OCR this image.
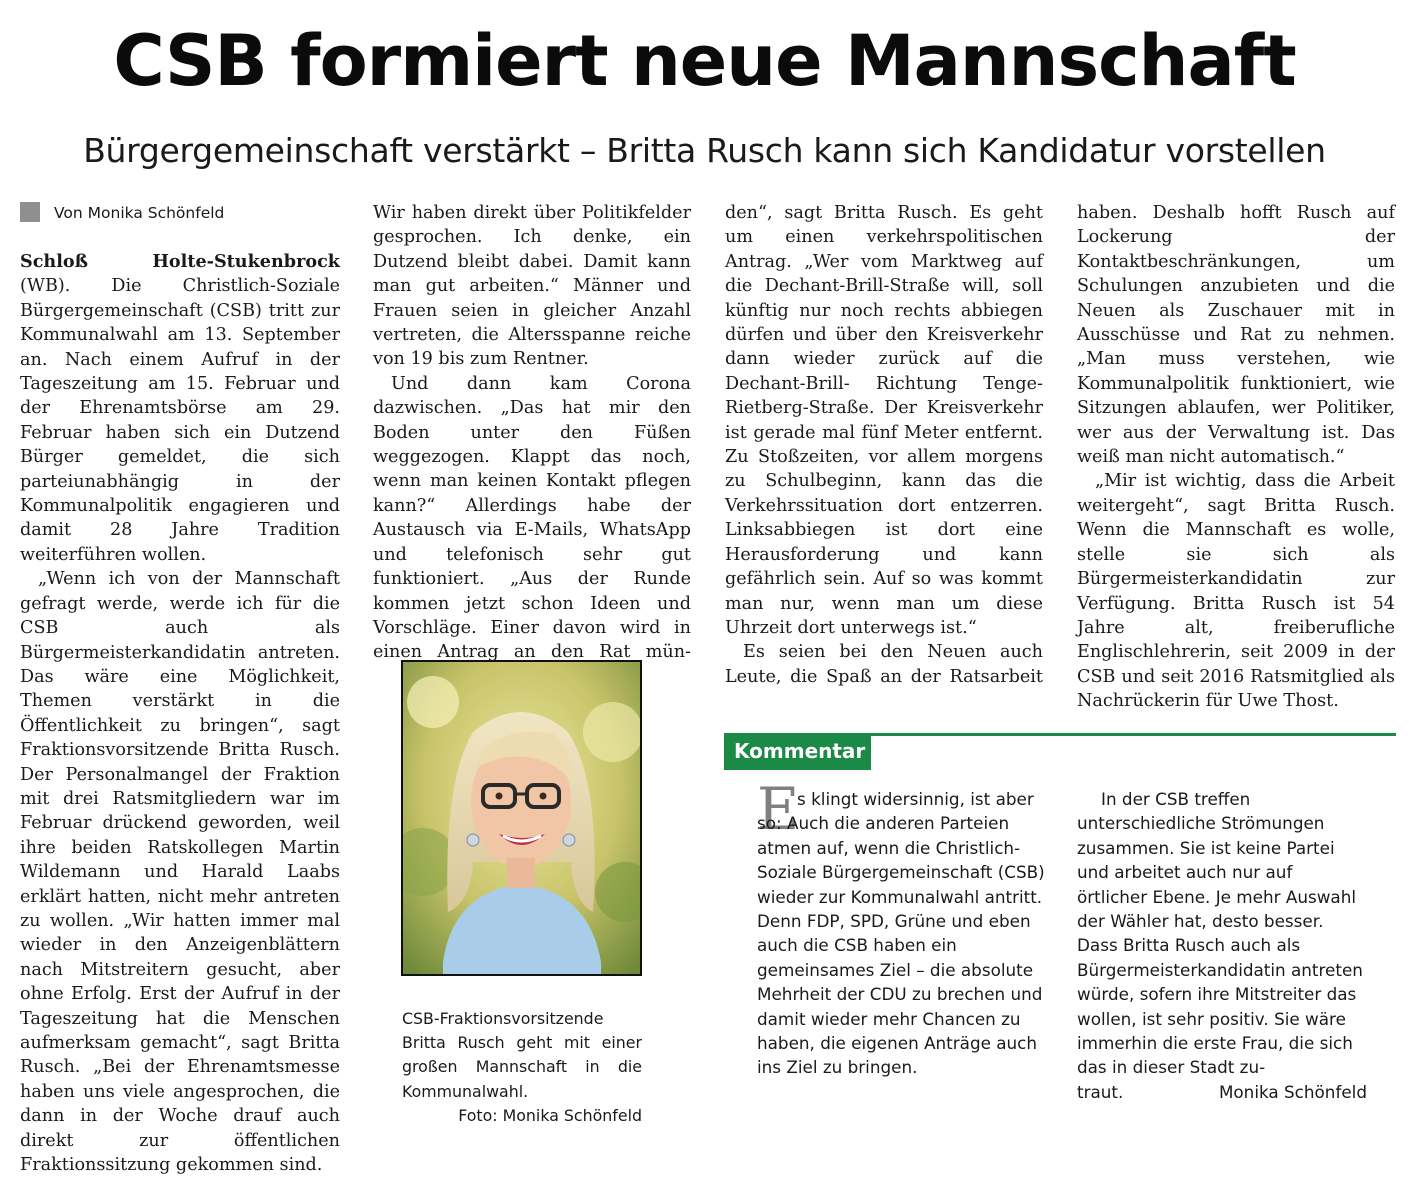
CSB formiert neue Mannschaft
Bürgergemeinschaft verstärkt – Britta Rusch kann sich Kandidatur vorstellen
Von Monika Schönfeld
Schloß	Holte-Stukenbrock

(WB). Die Christlich-Soziale Bürgergemeinschaft (CSB) tritt zur Kommunalwahl am 13. September an. Nach einem Aufruf in der Tageszeitung am 15. Februar und der Ehrenamtsbörse am 29. Februar haben sich ein Dutzend Bürger gemeldet, die sich parteiunabhängig in der Kommunalpolitik engagieren und damit 28 Jahre Tradition weiterführen wollen.

„Wenn ich von der Mannschaft gefragt werde, werde ich für die CSB auch als Bürgermeisterkandidatin antreten. Das wäre eine Möglichkeit, Themen verstärkt in die Öffentlichkeit zu bringen“, sagt Fraktionsvorsitzende Britta Rusch. Der Personalmangel der Fraktion mit drei Ratsmitgliedern war im Februar drückend geworden, weil ihre beiden Ratskollegen Martin Wildemann und Harald Laabs erklärt hatten, nicht mehr antreten zu wollen. „Wir hatten immer mal wieder in den Anzeigenblättern nach Mitstreitern gesucht, aber ohne Erfolg. Erst der Aufruf in der Tageszeitung hat die Menschen aufmerksam gemacht“, sagt Britta Rusch. „Bei der Ehrenamtsmesse haben uns viele angesprochen, die dann in der Woche drauf auch direkt zur öffentlichen Fraktionssitzung gekommen sind.

Wir haben direkt über Politikfelder gesprochen. Ich denke, ein Dutzend bleibt dabei. Damit kann man gut arbeiten.“ Männer und Frauen seien in gleicher Anzahl vertreten, die Altersspanne reiche von 19 bis zum Rentner.

Und dann kam Corona dazwischen. „Das hat mir den Boden unter den Füßen weggezogen. Klappt das noch, wenn man keinen Kontakt pflegen kann?“ Allerdings habe der Austausch via E-Mails, WhatsApp und telefonisch sehr gut funktioniert. „Aus der Runde kommen jetzt schon Ideen und Vorschläge. Einer davon wird in einen Antrag an den Rat mün-

CSB-Fraktionsvorsitzende Britta Rusch geht mit einer großen Mannschaft in die Kommunalwahl.
Foto: Monika Schönfeld

den“, sagt Britta Rusch. Es geht um einen verkehrspolitischen Antrag. „Wer vom Marktweg auf die Dechant-Brill-Straße will, soll künftig nur noch rechts abbiegen dürfen und über den Kreisverkehr dann wieder zurück auf die Dechant-Brill- Richtung Tenge-Rietberg-Straße. Der Kreisverkehr ist gerade mal fünf Meter entfernt. Zu Stoßzeiten, vor allem morgens zu Schulbeginn, kann das die Verkehrssituation dort entzerren. Linksabbiegen ist dort eine Herausforderung und kann gefährlich sein. Auf so was kommt man nur, wenn man um diese Uhrzeit dort unterwegs ist.“

Es seien bei den Neuen auch Leute, die Spaß an der Ratsarbeit

haben. Deshalb hofft Rusch auf Lockerung der Kontaktbeschränkungen, um Schulungen anzubieten und die Neuen als Zuschauer mit in Ausschüsse und Rat zu nehmen. „Man muss verstehen, wie Kommunalpolitik funktioniert, wie Sitzungen ablaufen, wer Politiker, wer aus der Verwaltung ist. Das weiß man nicht automatisch.“

„Mir ist wichtig, dass die Arbeit weitergeht“, sagt Britta Rusch. Wenn die Mannschaft es wolle, stelle sie sich als Bürgermeisterkandidatin zur Verfügung. Britta Rusch ist 54 Jahre alt, freiberufliche Englischlehrerin, seit 2009 in der CSB und seit 2016 Ratsmitglied als Nachrückerin für Uwe Thost.

Kommentar
E

s klingt widersinnig, ist aber so: Auch die anderen Parteien atmen auf, wenn die Christlich-Soziale Bürgergemeinschaft (CSB) wieder zur Kommunalwahl antritt. Denn FDP, SPD, Grüne und eben auch die CSB haben ein gemeinsames Ziel – die absolute Mehrheit der CDU zu brechen und damit wieder mehr Chancen zu haben, die eigenen Anträge auch ins Ziel zu bringen.

In der CSB treffen unterschiedliche Strömungen zusammen. Sie ist keine Partei und arbeitet auch nur auf örtlicher Ebene. Je mehr Auswahl der Wähler hat, desto besser. Dass Britta Rusch auch als Bürgermeisterkandidatin antreten würde, sofern ihre Mitstreiter das wollen, ist sehr positiv. Sie wäre immerhin die erste Frau, die sich das in dieser Stadt zu-

traut.	Monika Schönfeld
